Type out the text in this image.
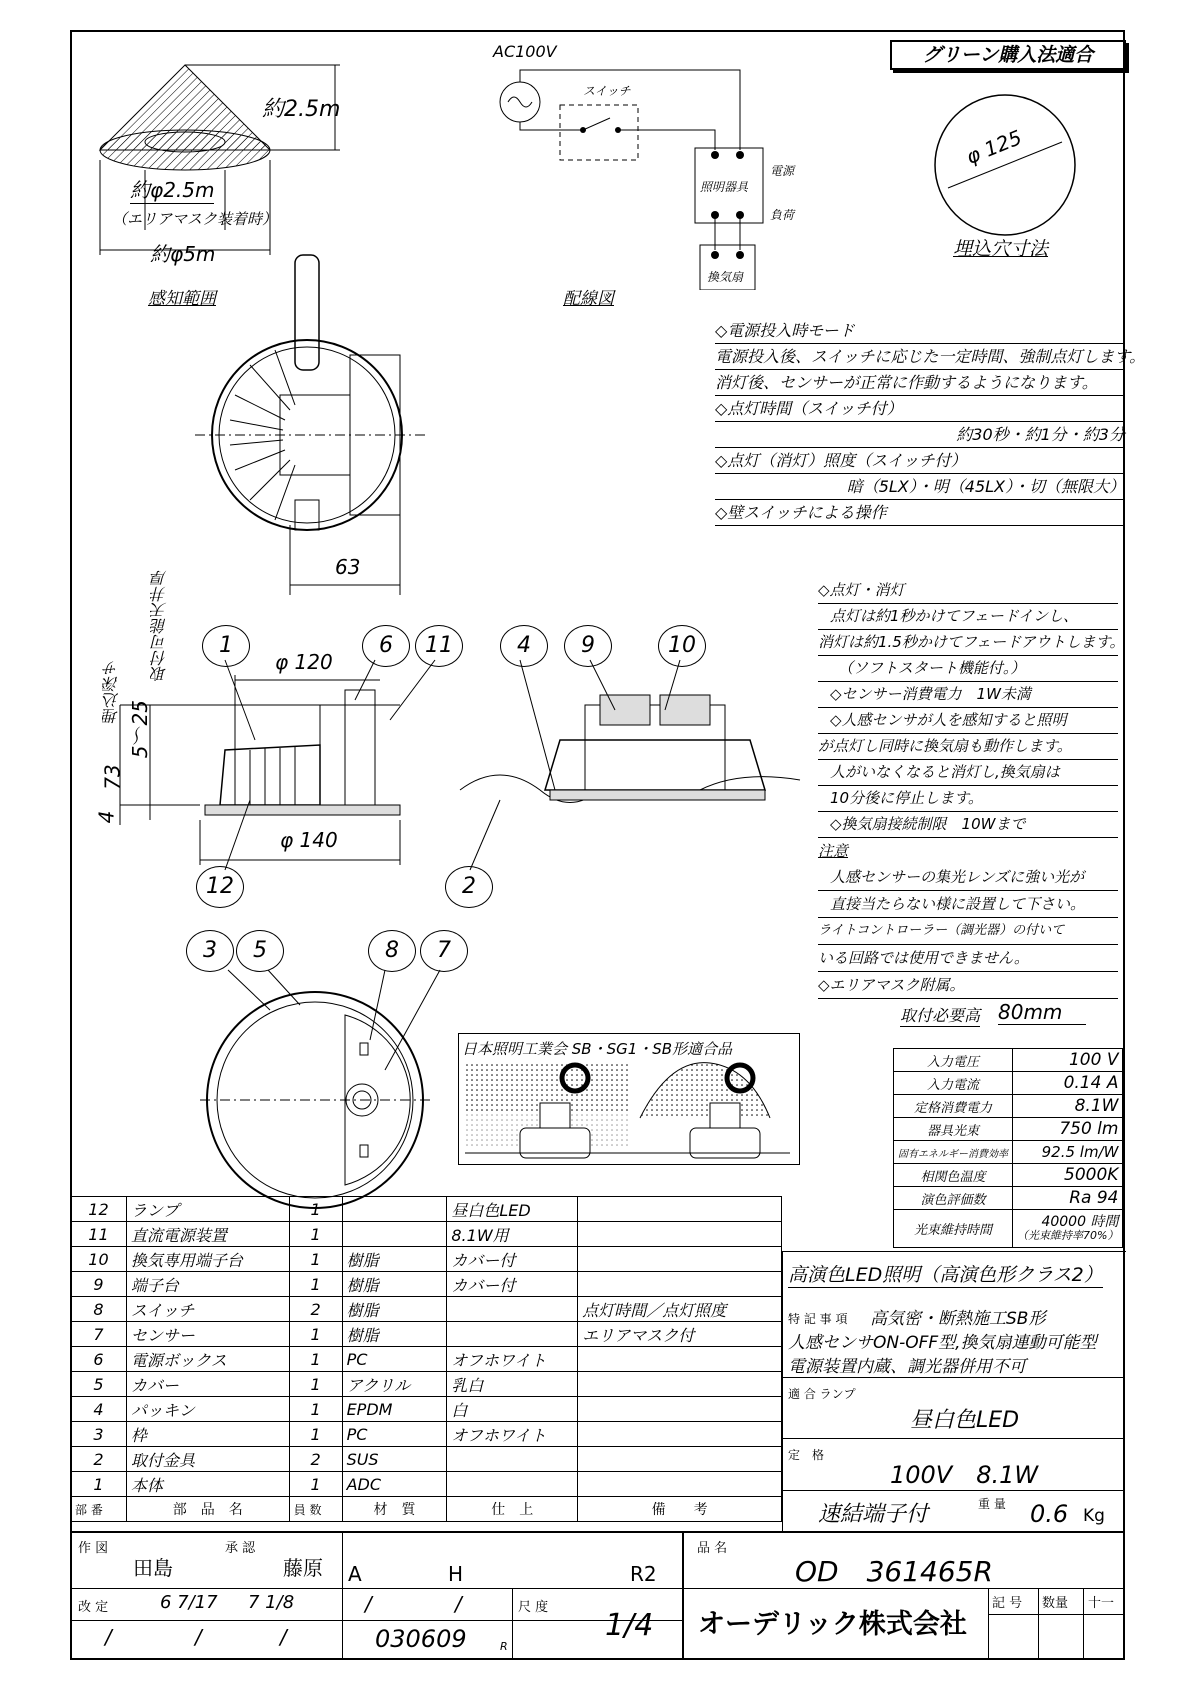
グリーン購入法適合
約2.5m
約φ2.5m
（エリアマスク装着時）
約φ5m
感知範囲
AC100V
スイッチ
照明器具
電源
負荷
換気扇
配線図
φ 125
埋込穴寸法
63
◇電源投入時モード
電源投入後、スイッチに応じた一定時間、強制点灯します。
消灯後、センサーが正常に作動するようになります。
◇点灯時間（スイッチ付）
約30秒・約1分・約3分
◇点灯（消灯）照度（スイッチ付）
暗（5LX）・明（45LX）・切（無限大）
◇壁スイッチによる操作
取付可能天井厚
埋込深サ
5〜25
73
4
φ 120
φ 140
1	6	11	4	9	10
12	2
3	5	8	7
日本照明工業会 SB・SG1・SB形適合品
◇点灯・消灯
点灯は約1秒かけてフェードインし、
消灯は約1.5秒かけてフェードアウトします。
（ソフトスタート機能付。）
◇センサー消費電力　1W未満
◇人感センサが人を感知すると照明
が点灯し同時に換気扇も動作します。
人がいなくなると消灯し,換気扇は
10分後に停止します。
◇換気扇接続制限　10Wまで
注意
人感センサーの集光レンズに強い光が
直接当たらない様に設置して下さい。
ライトコントローラー（調光器）の付いて
いる回路では使用できません。
◇エリアマスク附属。
取付必要高 80mm
入力電圧	100 V
入力電流	0.14 A
定格消費電力	8.1W
器具光束	750 lm
固有エネルギー消費効率	92.5 lm/W
相関色温度	5000K
演色評価数	Ra 94
光束維持時間	40000 時間
（光束維持率70%）
12	ランプ	1		昼白色LED	
11	直流電源装置	1		8.1W用	
10	換気専用端子台	1	樹脂	カバー付	
9	端子台	1	樹脂	カバー付	
8	スイッチ	2	樹脂		点灯時間／点灯照度
7	センサー	1	樹脂		エリアマスク付
6	電源ボックス	1	PC	オフホワイト	
5	カバー	1	アクリル	乳白	
4	パッキン	1	EPDM	白	
3	枠	1	PC	オフホワイト	
2	取付金具	2	SUS		
1	本体	1	ADC		
部 番	部　品　名	員 数	材　質	仕　上	備　　考
高演色LED照明（高演色形クラス2）
特 記 事 項 高気密・断熱施工SB形
人感センサON-OFF型,換気扇連動可能型
電源装置内蔵、調光器併用不可
適 合 ランプ
昼白色LED
定　格
100V　8.1W
速結端子付	重 量 0.6 Kg
作 図
田島
承 認
藤原 A	H	R2
品 名
OD　361465R
改 定	6 7/17 7 1/8	/	/
/	/	/	030609	R
尺 度
1/4 オーデリック株式会社
記 号 数量 十一
